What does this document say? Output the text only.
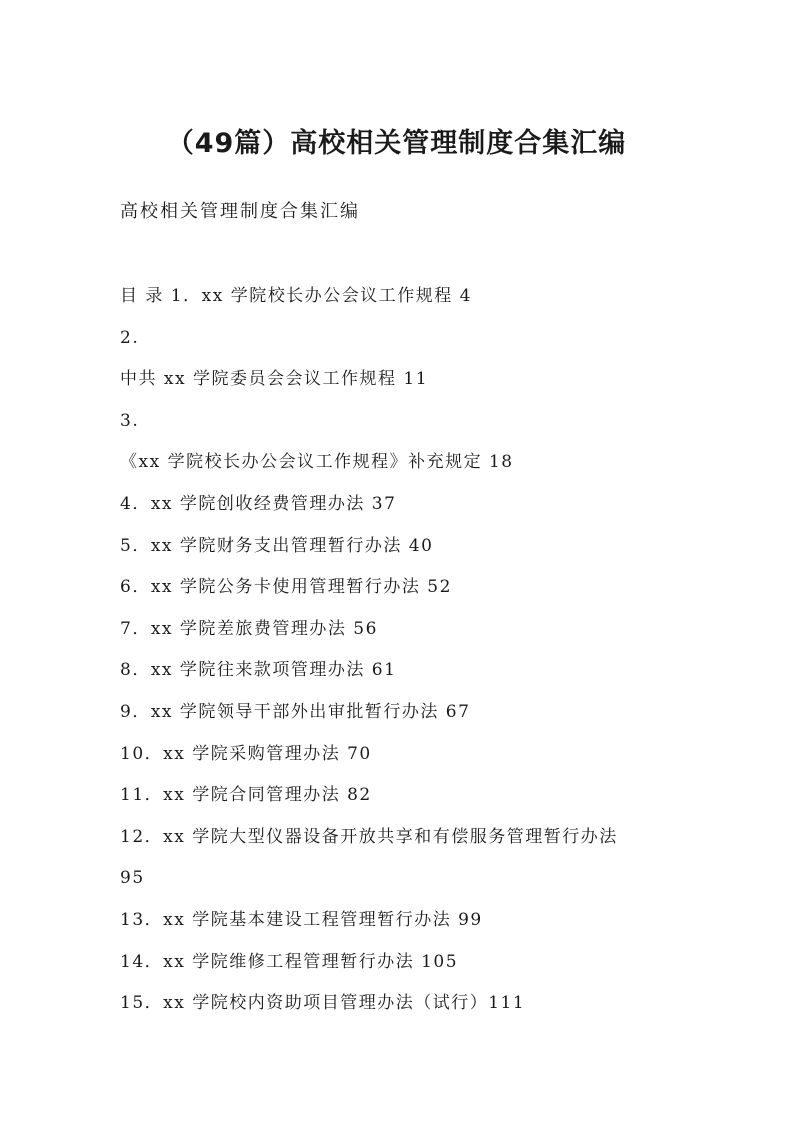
（49篇）高校相关管理制度合集汇编
高校相关管理制度合集汇编
目 录 1．xx 学院校长办公会议工作规程 4
2.
中共 xx 学院委员会会议工作规程 11
3.
《xx 学院校长办公会议工作规程》补充规定 18
4．xx 学院创收经费管理办法 37
5．xx 学院财务支出管理暂行办法 40
6．xx 学院公务卡使用管理暂行办法 52
7．xx 学院差旅费管理办法 56
8．xx 学院往来款项管理办法 61
9．xx 学院领导干部外出审批暂行办法 67
10．xx 学院采购管理办法 70
11．xx 学院合同管理办法 82
12．xx 学院大型仪器设备开放共享和有偿服务管理暂行办法
95
13．xx 学院基本建设工程管理暂行办法 99
14．xx 学院维修工程管理暂行办法 105
15．xx 学院校内资助项目管理办法（试行）111
